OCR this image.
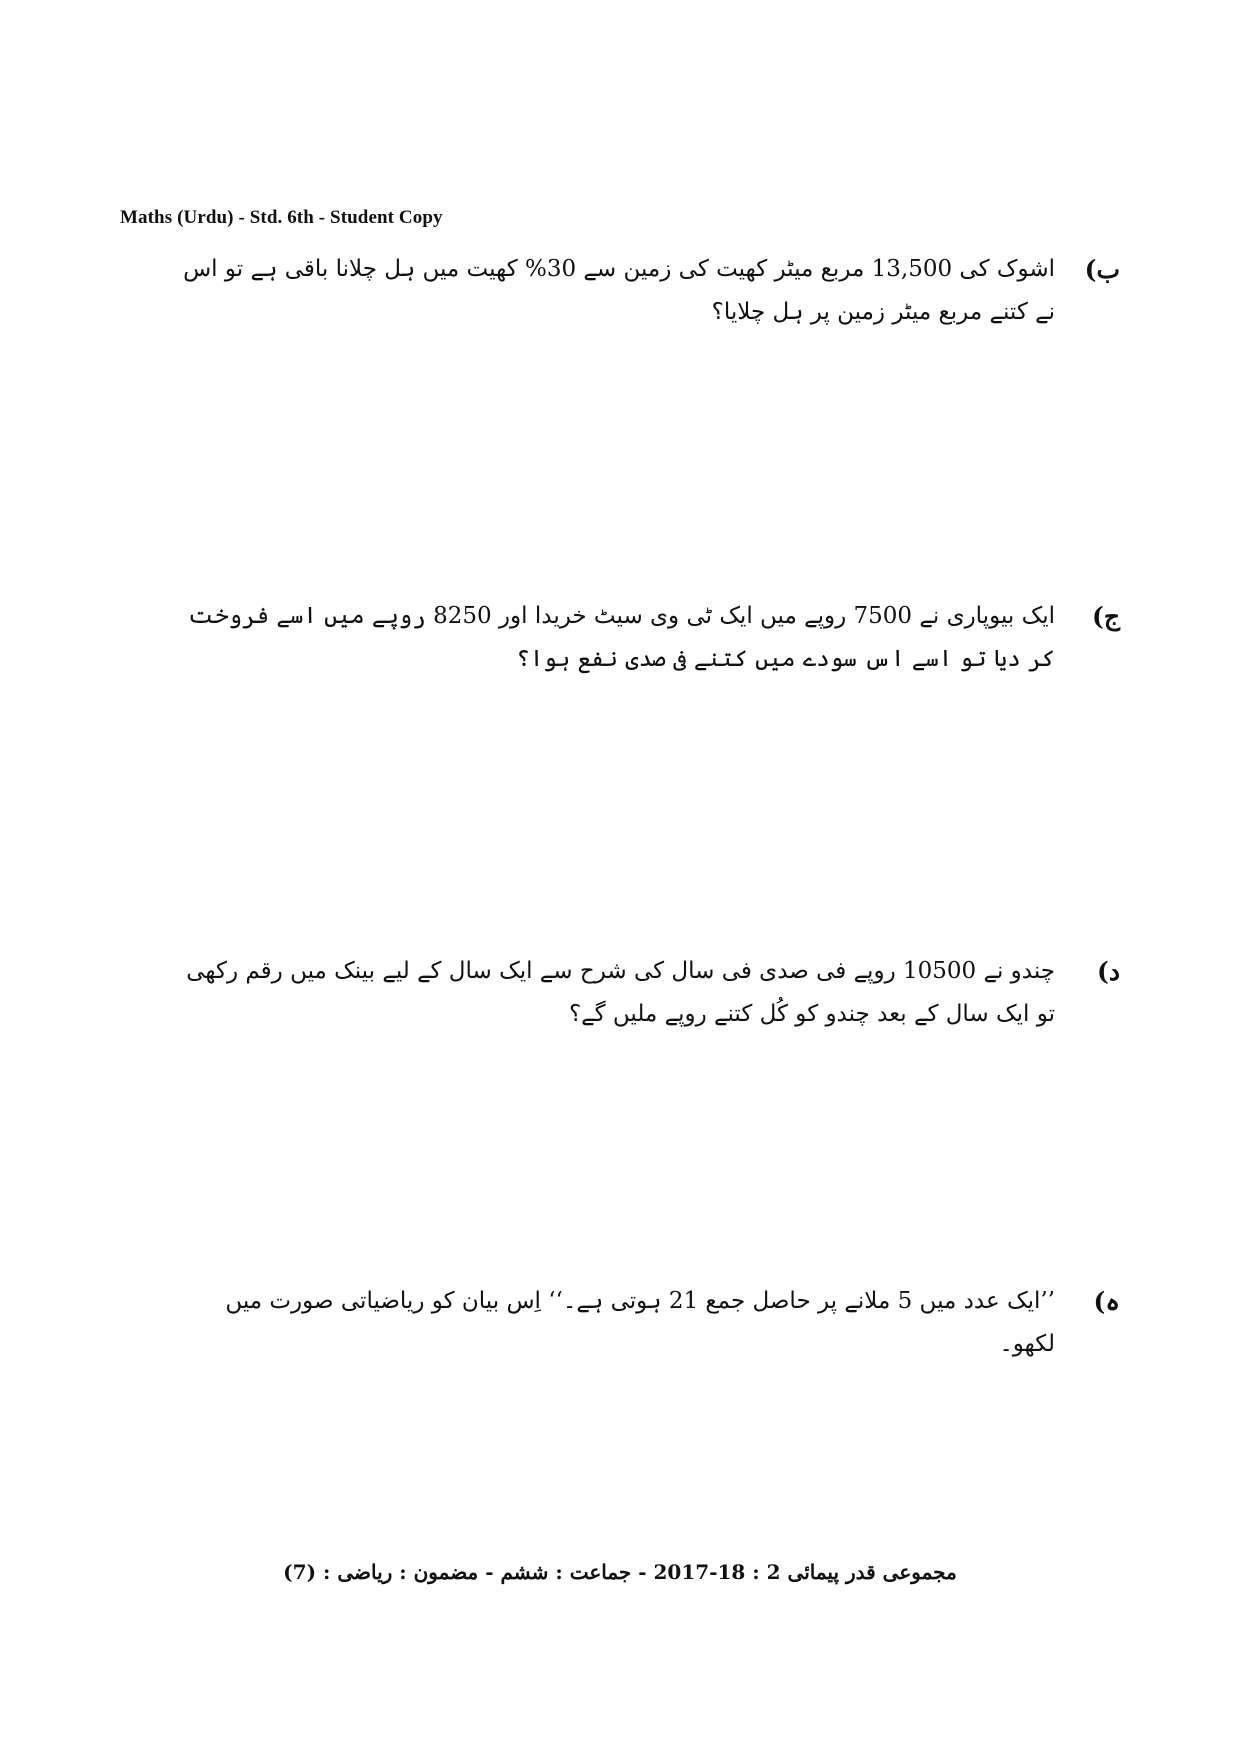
Maths (Urdu) - Std. 6th - Student Copy
ب)
اشوک کی 13,500 مربع میٹر کھیت کی زمین سے 30% کھیت میں ہل چلانا باقی ہے تو اس نے کتنے مربع میٹر زمین پر ہل چلایا؟
ج)
ایک بیوپاری نے 7500 روپے میں ایک ٹی وی سیٹ خریدا اور 8250 روپے میں اسے فروخت کر دیا تو اسے اس سودے میں کتنے فی صدی نفع ہوا؟
د)
چندو نے 10500 روپے فی صدی فی سال کی شرح سے ایک سال کے لیے بینک میں رقم رکھی تو ایک سال کے بعد چندو کو کُل کتنے روپے ملیں گے؟
ہ)
’’ایک عدد میں 5 ملانے پر حاصل جمع 21 ہوتی ہے۔‘‘ اِس بیان کو ریاضیاتی صورت میں لکھو۔
مجموعی قدر پیمائی 2 : 18-2017 - جماعت : ششم - مضمون : ریاضی : (7)
